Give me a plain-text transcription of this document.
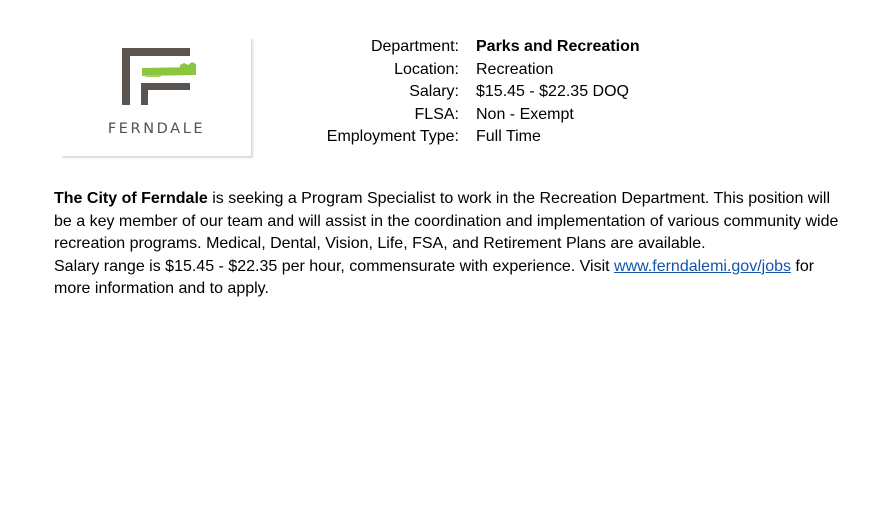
FERNDALE
Department:	Parks and Recreation
Location:	Recreation
Salary:	$15.45 - $22.35 DOQ
FLSA:	Non - Exempt
Employment Type:	Full Time

The City of Ferndale is seeking a Program Specialist to work in the Recreation Department. This position will be a key member of our team and will assist in the coordination and implementation of various community wide recreation programs. Medical, Dental, Vision, Life, FSA, and Retirement Plans are available.

Salary range is $15.45 - $22.35 per hour, commensurate with experience. Visit www.ferndalemi.gov/jobs for more information and to apply.
